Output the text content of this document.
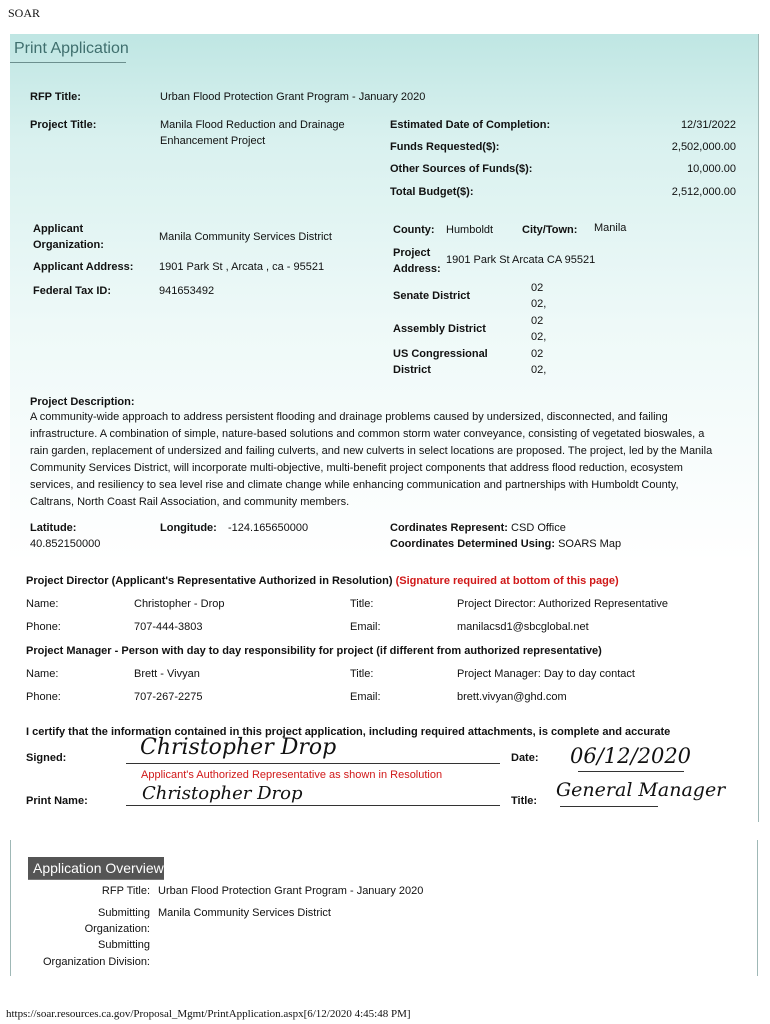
SOAR
Print Application
RFP Title:	Urban Flood Protection Grant Program - January 2020
Project Title:	Manila Flood Reduction and Drainage
Enhancement Project
Estimated Date of Completion:	12/31/2022
Funds Requested($):	2,502,000.00
Other Sources of Funds($):	10,000.00
Total Budget($):	2,512,000.00
Applicant
Organization:
Manila Community Services District
Applicant Address: 1901 Park St , Arcata , ca - 95521
Federal Tax ID:	941653492
County: Humboldt	City/Town: Manila
Project
Address:
1901 Park St Arcata CA 95521
Senate District
02
02,
Assembly District
02
02,
US Congressional
District
02
02,
Project Description:
A community-wide approach to address persistent flooding and drainage problems caused by undersized, disconnected, and failing
infrastructure. A combination of simple, nature-based solutions and common storm water conveyance, consisting of vegetated bioswales, a
rain garden, replacement of undersized and failing culverts, and new culverts in select locations are proposed. The project, led by the Manila
Community Services District, will incorporate multi-objective, multi-benefit project components that address flood reduction, ecosystem
services, and resiliency to sea level rise and climate change while enhancing communication and partnerships with Humboldt County,
Caltrans, North Coast Rail Association, and community members.
Latitude:
40.852150000
Longitude: -124.165650000	Cordinates Represent: CSD Office
Coordinates Determined Using: SOARS Map
Project Director (Applicant's Representative Authorized in Resolution) (Signature required at bottom of this page)
Name:	Christopher - Drop	Title:	Project Director: Authorized Representative
Phone:	707-444-3803	Email:	manilacsd1@sbcglobal.net
Project Manager - Person with day to day responsibility for project (if different from authorized representative)
Name:	Brett - Vivyan	Title:	Project Manager: Day to day contact
Phone:	707-267-2275	Email:	brett.vivyan@ghd.com
I certify that the information contained in this project application, including required attachments, is complete and accurate
Signed:	Christopher Drop	Date: 06/12/2020
Applicant's Authorized Representative as shown in Resolution
Print Name:	Christopher Drop	Title: General Manager
Application Overview
RFP Title: Urban Flood Protection Grant Program - January 2020
Submitting
Organization:
Manila Community Services District
Submitting
Organization Division:
https://soar.resources.ca.gov/Proposal_Mgmt/PrintApplication.aspx[6/12/2020 4:45:48 PM]
